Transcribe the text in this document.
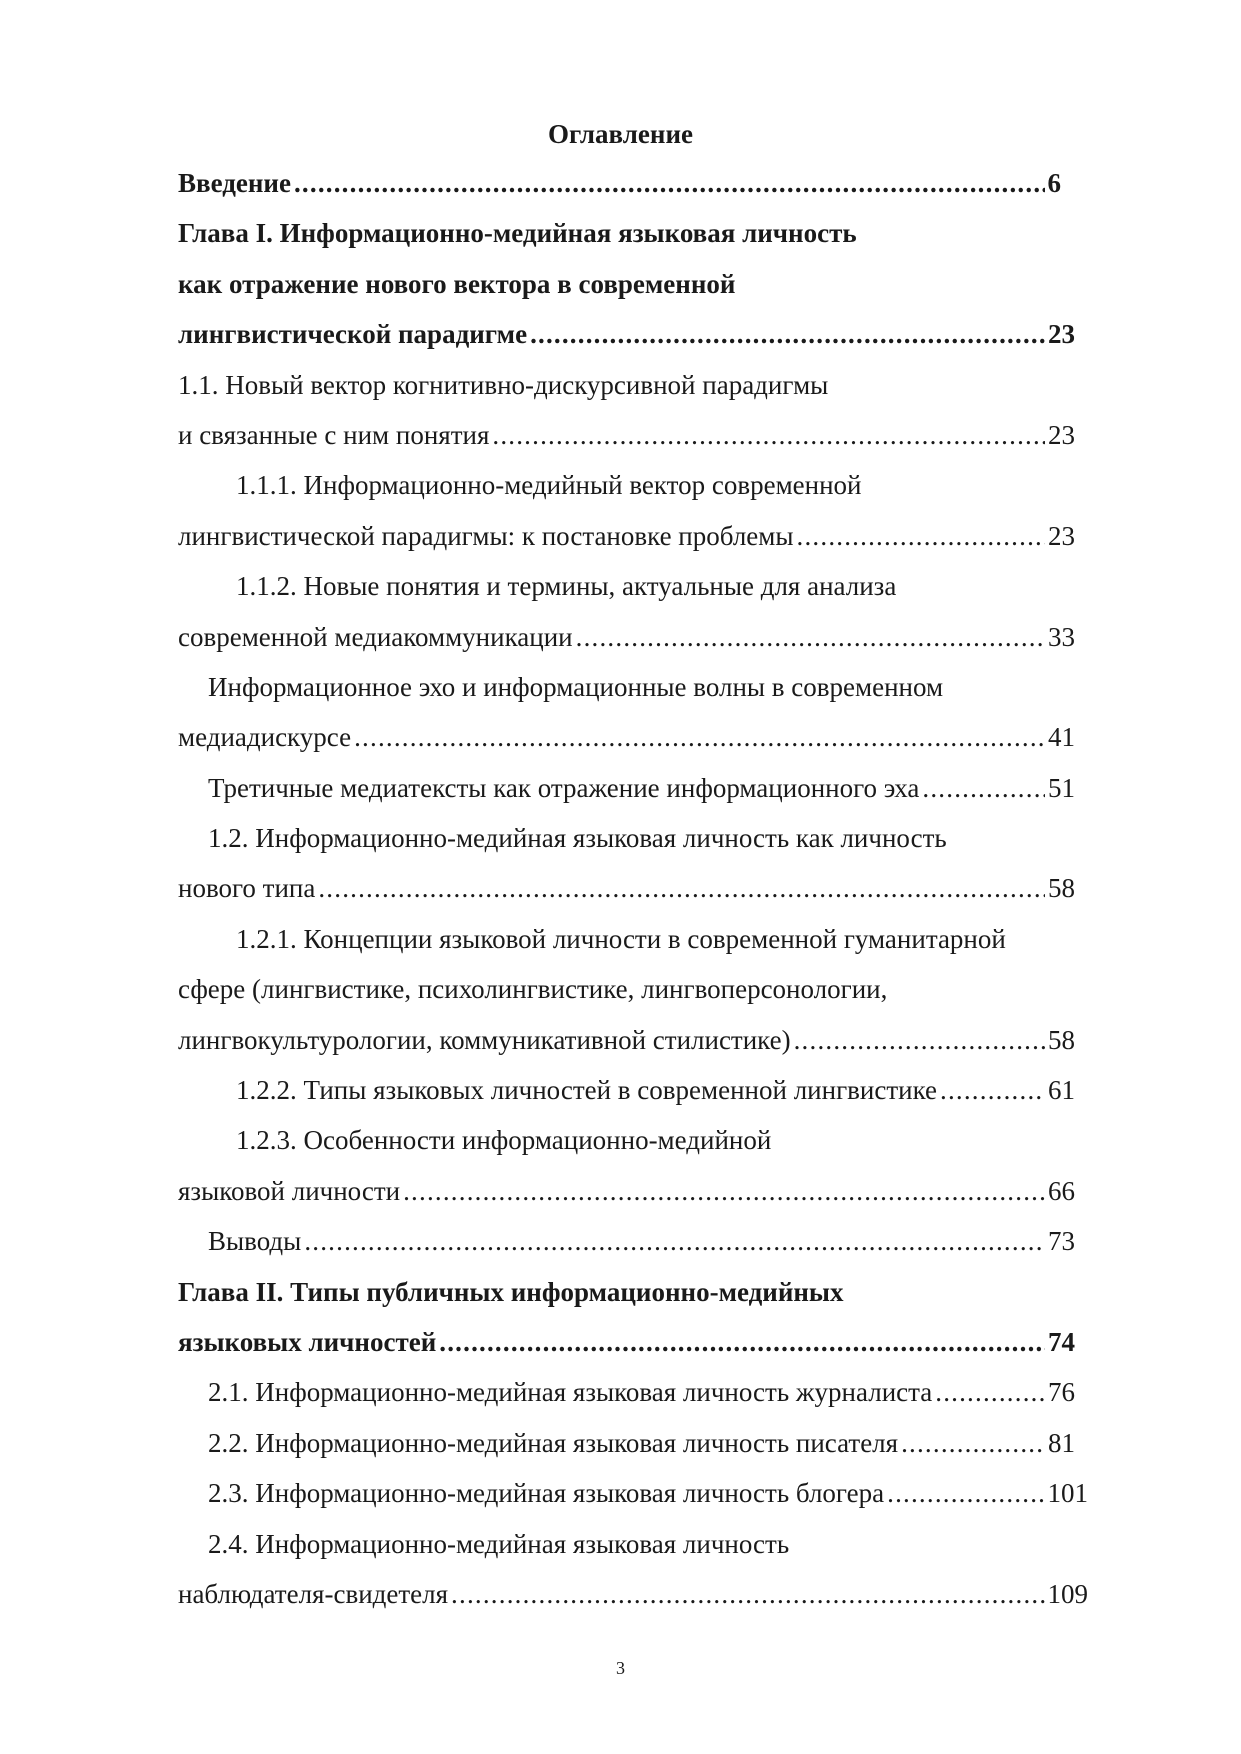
Оглавление
Введение .....	6
Глава I. Информационно-медийная языковая личность
как отражение нового вектора в современной
лингвистической парадигме .....	23
1.1. Новый вектор когнитивно-дискурсивной парадигмы
и связанные с ним понятия .....	23
1.1.1. Информационно-медийный вектор современной
лингвистической парадигмы: к постановке проблемы .....	23
1.1.2. Новые понятия и термины, актуальные для анализа
современной медиакоммуникации .....	33
Информационное эхо и информационные волны в современном
медиадискурсе .....	41
Третичные медиатексты как отражение информационного эха .....	51
1.2. Информационно-медийная языковая личность как личность
нового типа .....	58
1.2.1. Концепции языковой личности в современной гуманитарной
сфере (лингвистике, психолингвистике, лингвоперсонологии,
лингвокультурологии, коммуникативной стилистике) .....	58
1.2.2. Типы языковых личностей в современной лингвистике .....	61
1.2.3. Особенности информационно-медийной
языковой личности .....	66
Выводы .....	73
Глава II. Типы публичных информационно-медийных
языковых личностей .....	74
2.1. Информационно-медийная языковая личность журналиста .....	76
2.2. Информационно-медийная языковая личность писателя .....	81
2.3. Информационно-медийная языковая личность блогера .....	101
2.4. Информационно-медийная языковая личность
наблюдателя-свидетеля .....	109
3
